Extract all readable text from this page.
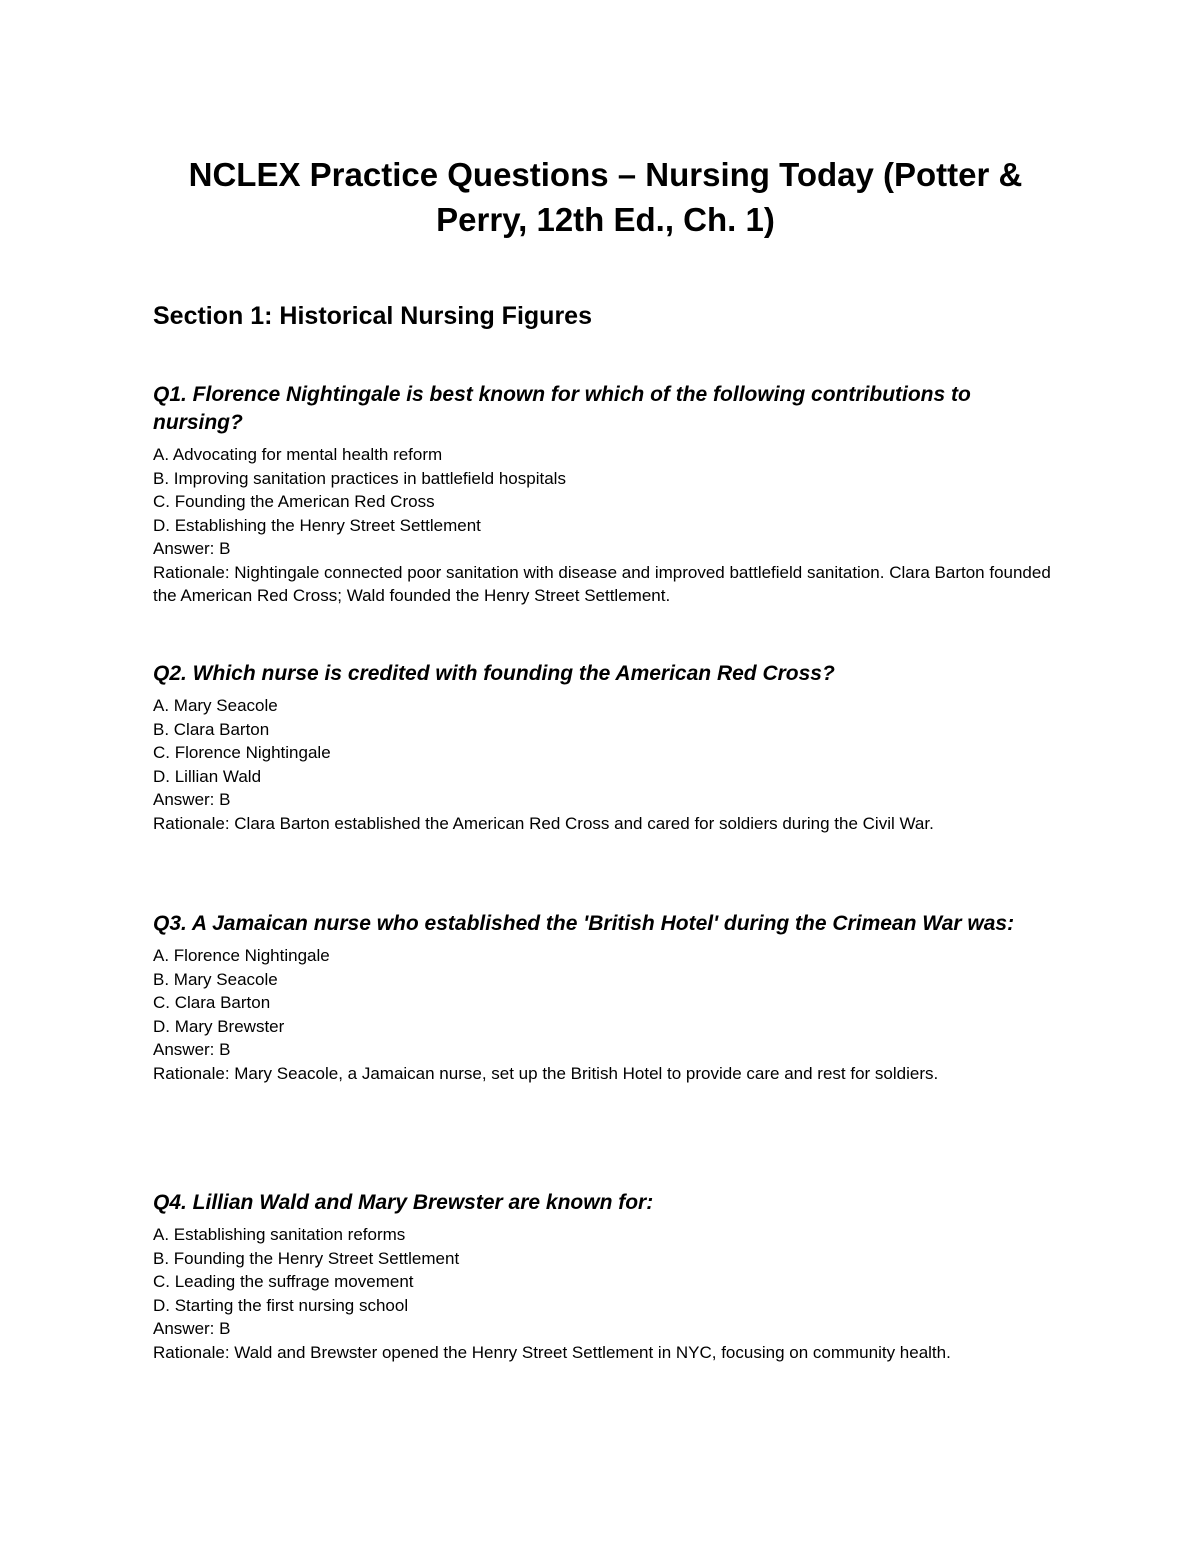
NCLEX Practice Questions – Nursing Today (Potter & Perry, 12th Ed., Ch. 1)
Section 1: Historical Nursing Figures

Q1. Florence Nightingale is best known for which of the following contributions to nursing?

A. Advocating for mental health reform

B. Improving sanitation practices in battlefield hospitals

C. Founding the American Red Cross

D. Establishing the Henry Street Settlement

Answer: B

Rationale: Nightingale connected poor sanitation with disease and improved battlefield sanitation. Clara Barton founded the American Red Cross; Wald founded the Henry Street Settlement.

Q2. Which nurse is credited with founding the American Red Cross?

A. Mary Seacole

B. Clara Barton

C. Florence Nightingale

D. Lillian Wald

Answer: B

Rationale: Clara Barton established the American Red Cross and cared for soldiers during the Civil War.

Q3. A Jamaican nurse who established the 'British Hotel' during the Crimean War was:

A. Florence Nightingale

B. Mary Seacole

C. Clara Barton

D. Mary Brewster

Answer: B

Rationale: Mary Seacole, a Jamaican nurse, set up the British Hotel to provide care and rest for soldiers.

Q4. Lillian Wald and Mary Brewster are known for:

A. Establishing sanitation reforms

B. Founding the Henry Street Settlement

C. Leading the suffrage movement

D. Starting the first nursing school

Answer: B

Rationale: Wald and Brewster opened the Henry Street Settlement in NYC, focusing on community health.
